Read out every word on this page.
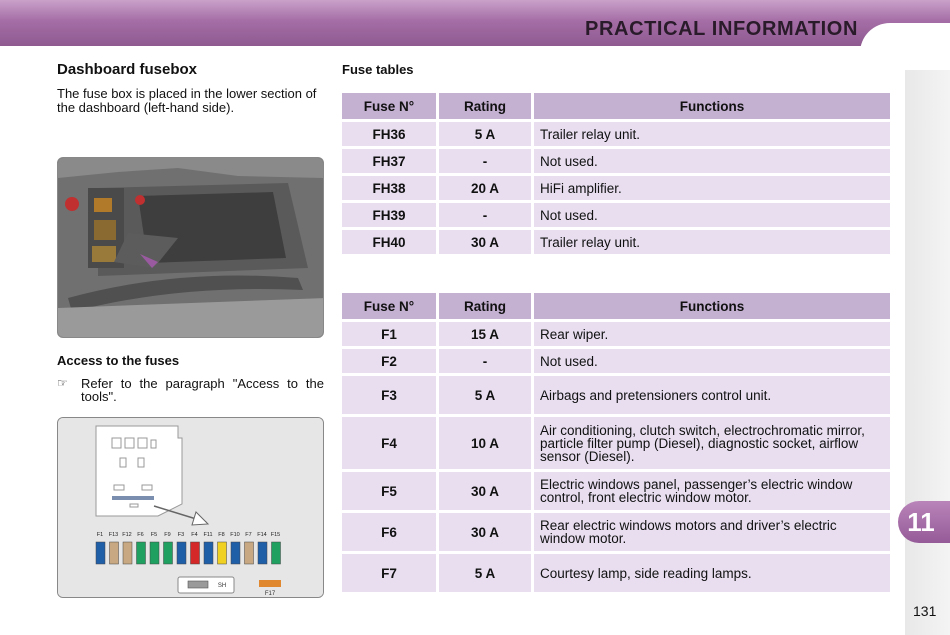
PRACTICAL INFORMATION
11
131
Dashboard fusebox
The fuse box is placed in the lower section of the dashboard (left-hand side).
Access to the fuses
☞ Refer to the paragraph "Access to the tools".
F1 F13 F12 F6 F5 F9 F3 F4 F11 F8 F10 F7 F14 F15
SH
F17
Fuse tables
Fuse N°	Rating	Functions
FH36	5 A	Trailer relay unit.
FH37	-	Not used.
FH38	20 A	HiFi amplifier.
FH39	-	Not used.
FH40	30 A	Trailer relay unit.
Fuse N°	Rating	Functions
F1	15 A	Rear wiper.
F2	-	Not used.
F3	5 A	Airbags and pretensioners control unit.
F4	10 A	Air conditioning, clutch switch, electrochromatic mirror, particle filter pump (Diesel), diagnostic socket, airflow sensor (Diesel).
F5	30 A	Electric windows panel, passenger’s electric window control, front electric window motor.
F6	30 A	Rear electric windows motors and driver’s electric window motor.
F7	5 A	Courtesy lamp, side reading lamps.
